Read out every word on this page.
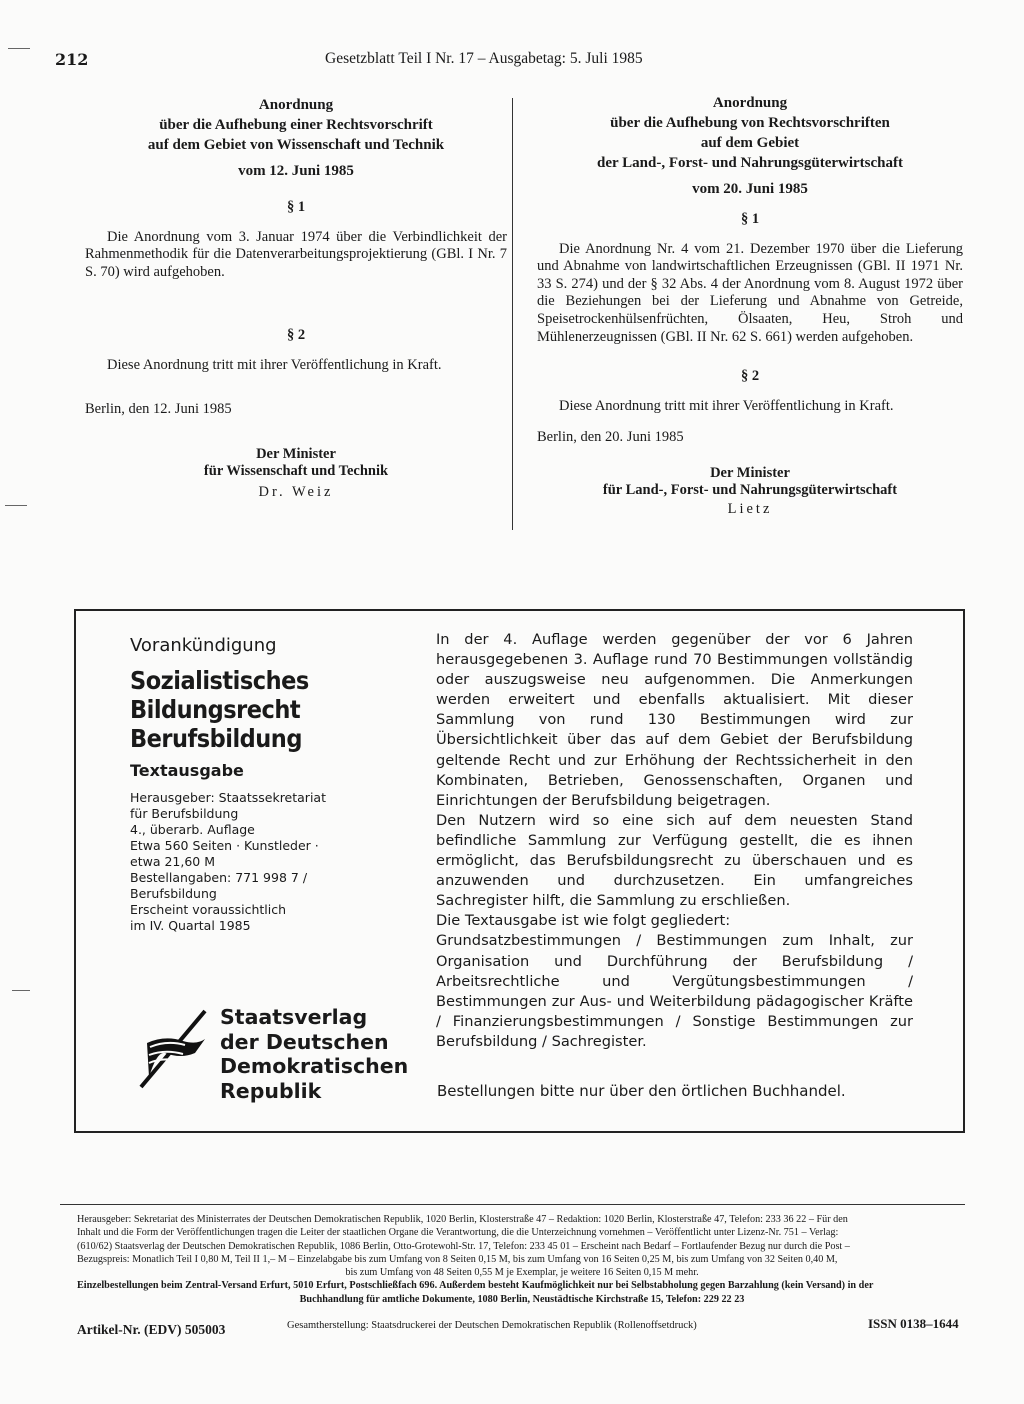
212	Gesetzblatt Teil I Nr. 17 – Ausgabetag: 5. Juli 1985
Anordnung
über die Aufhebung einer Rechtsvorschrift
auf dem Gebiet von Wissenschaft und Technik
vom 12. Juni 1985
§ 1
Die Anordnung vom 3. Januar 1974 über die Verbindlichkeit der Rahmenmethodik für die Datenverarbeitungsprojektierung (GBl. I Nr. 7 S. 70) wird aufgehoben.
§ 2
Diese Anordnung tritt mit ihrer Veröffentlichung in Kraft.
Berlin, den 12. Juni 1985
Der Minister
für Wissenschaft und Technik
Dr. Weiz
Anordnung
über die Aufhebung von Rechtsvorschriften
auf dem Gebiet
der Land-, Forst- und Nahrungsgüterwirtschaft
vom 20. Juni 1985
§ 1
Die Anordnung Nr. 4 vom 21. Dezember 1970 über die Lieferung und Abnahme von landwirtschaftlichen Erzeugnissen (GBl. II 1971 Nr. 33 S. 274) und der § 32 Abs. 4 der Anordnung vom 8. August 1972 über die Beziehungen bei der Lieferung und Abnahme von Getreide, Speisetrockenhülsenfrüchten, Ölsaaten, Heu, Stroh und Mühlenerzeugnissen (GBl. II Nr. 62 S. 661) werden aufgehoben.
§ 2
Diese Anordnung tritt mit ihrer Veröffentlichung in Kraft.
Berlin, den 20. Juni 1985
Der Minister
für Land-, Forst- und Nahrungsgüterwirtschaft
Lietz
Vorankündigung
Sozialistisches
Bildungsrecht
Berufsbildung
Textausgabe
Herausgeber: Staatssekretariat
für Berufsbildung
4., überarb. Auflage
Etwa 560 Seiten · Kunstleder ·
etwa 21,60 M
Bestellangaben: 771 998 7 /
Berufsbildung
Erscheint voraussichtlich
im IV. Quartal 1985
Staatsverlag
der Deutschen
Demokratischen
Republik

In der 4. Auflage werden gegenüber der vor 6 Jahren herausgegebenen 3. Auflage rund 70 Bestimmungen vollständig oder auszugsweise neu aufgenommen. Die Anmerkungen werden erweitert und ebenfalls aktualisiert. Mit dieser Sammlung von rund 130 Bestimmungen wird zur Übersichtlichkeit über das auf dem Gebiet der Berufsbildung geltende Recht und zur Erhöhung der Rechtssicherheit in den Kombinaten, Betrieben, Genossenschaften, Organen und Einrichtungen der Berufsbildung beigetragen.

Den Nutzern wird so eine sich auf dem neuesten Stand befindliche Sammlung zur Verfügung gestellt, die es ihnen ermöglicht, das Berufsbildungsrecht zu überschauen und es anzuwenden und durchzusetzen. Ein umfangreiches Sachregister hilft, die Sammlung zu erschließen.

Die Textausgabe ist wie folgt gegliedert:

Grundsatzbestimmungen / Bestimmungen zum Inhalt, zur Organisation und Durchführung der Berufsbildung / Arbeitsrechtliche und Vergütungsbestimmungen / Bestimmungen zur Aus- und Weiterbildung pädagogischer Kräfte / Finanzierungsbestimmungen / Sonstige Bestimmungen zur Berufsbildung / Sachregister.

Bestellungen bitte nur über den örtlichen Buchhandel.

Herausgeber: Sekretariat des Ministerrates der Deutschen Demokratischen Republik, 1020 Berlin, Klosterstraße 47 – Redaktion: 1020 Berlin, Klosterstraße 47, Telefon: 233 36 22 – Für den

Inhalt und die Form der Veröffentlichungen tragen die Leiter der staatlichen Organe die Verantwortung, die die Unterzeichnung vornehmen – Veröffentlicht unter Lizenz-Nr. 751 – Verlag:

(610/62) Staatsverlag der Deutschen Demokratischen Republik, 1086 Berlin, Otto-Grotewohl-Str. 17, Telefon: 233 45 01 – Erscheint nach Bedarf – Fortlaufender Bezug nur durch die Post –

Bezugspreis: Monatlich Teil I 0,80 M, Teil II 1,– M – Einzelabgabe bis zum Umfang von 8 Seiten 0,15 M, bis zum Umfang von 16 Seiten 0,25 M, bis zum Umfang von 32 Seiten 0,40 M,

bis zum Umfang von 48 Seiten 0,55 M je Exemplar, je weitere 16 Seiten 0,15 M mehr.

Einzelbestellungen beim Zentral-Versand Erfurt, 5010 Erfurt, Postschließfach 696. Außerdem besteht Kaufmöglichkeit nur bei Selbstabholung gegen Barzahlung (kein Versand) in der

Buchhandlung für amtliche Dokumente, 1080 Berlin, Neustädtische Kirchstraße 15, Telefon: 229 22 23

Artikel-Nr. (EDV) 505003	Gesamtherstellung: Staatsdruckerei der Deutschen Demokratischen Republik (Rollenoffsetdruck)	ISSN 0138–1644
